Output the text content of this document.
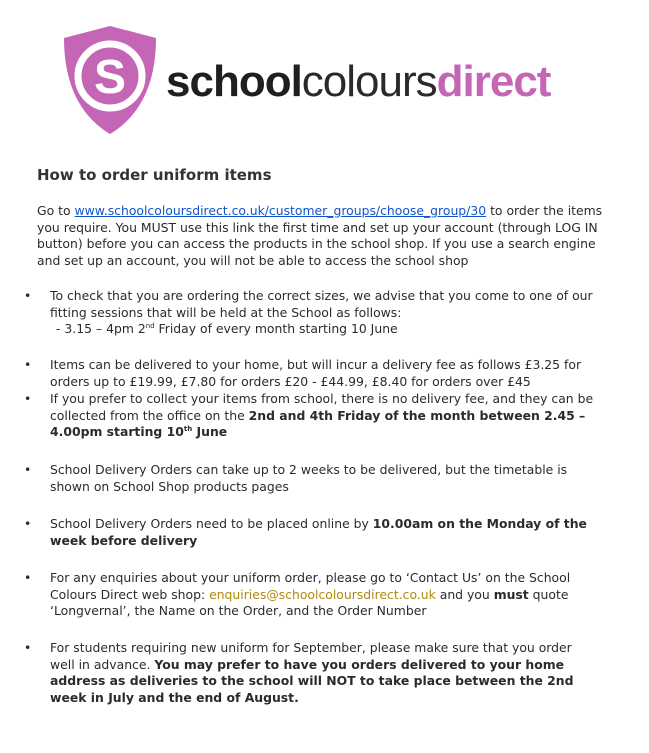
S schoolcoloursdirect
How to order uniform items

Go to www.schoolcoloursdirect.co.uk/customer_groups/choose_group/30 to order the items you require. You MUST use this link the first time and set up your account (through LOG IN button) before you can access the products in the school shop. If you use a search engine and set up an account, you will not be able to access the school shop

• To check that you are ordering the correct sizes, we advise that you come to one of our fitting sessions that will be held at the School as follows:
- 3.15 – 4pm 2nd Friday of every month starting 10 June
• Items can be delivered to your home, but will incur a delivery fee as follows £3.25 for orders up to £19.99, £7.80 for orders £20 - £44.99, £8.40 for orders over £45
• If you prefer to collect your items from school, there is no delivery fee, and they can be collected from the office on the 2nd and 4th Friday of the month between 2.45 – 4.00pm starting 10th June
• School Delivery Orders can take up to 2 weeks to be delivered, but the timetable is shown on School Shop products pages
• School Delivery Orders need to be placed online by 10.00am on the Monday of the week before delivery
• For any enquiries about your uniform order, please go to ‘Contact Us’ on the School Colours Direct web shop: enquiries@schoolcoloursdirect.co.uk and you must quote ‘Longvernal’, the Name on the Order, and the Order Number
• For students requiring new uniform for September, please make sure that you order well in advance. You may prefer to have you orders delivered to your home address as deliveries to the school will NOT to take place between the 2nd week in July and the end of August.
